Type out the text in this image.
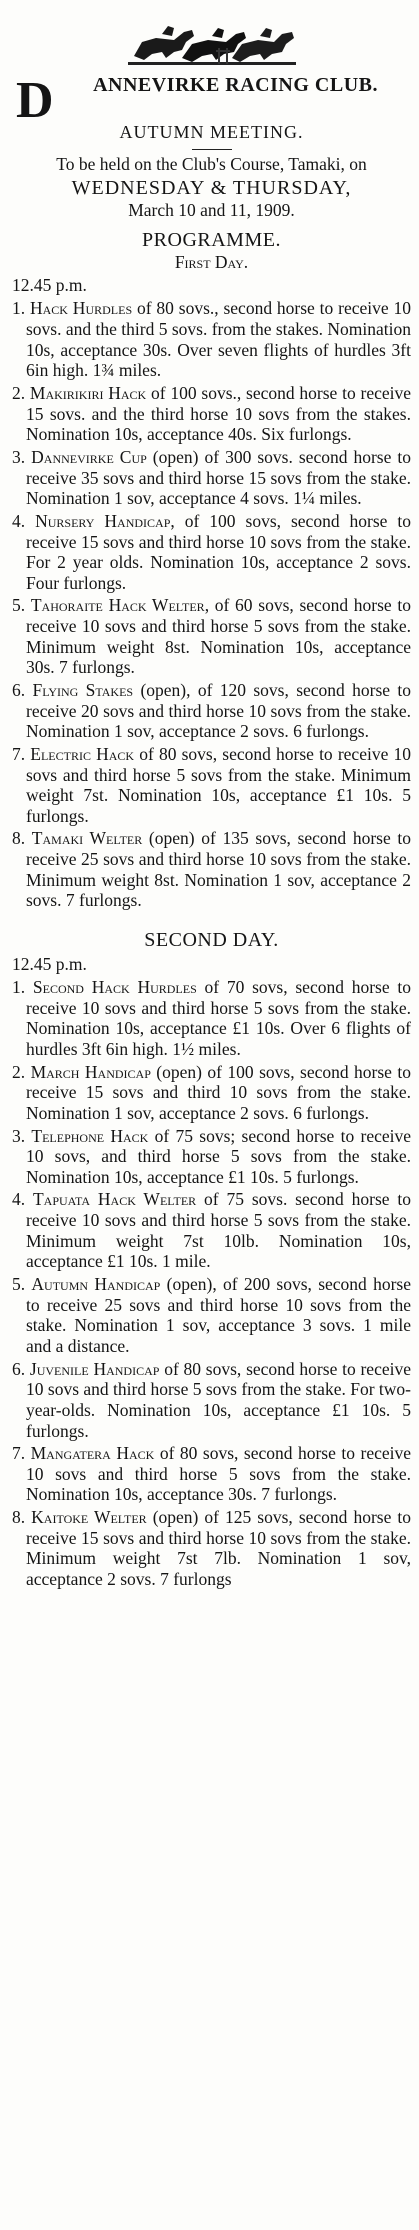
D ANNEVIRKE RACING CLUB.
AUTUMN MEETING.
To be held on the Club's Course, Tamaki, on
WEDNESDAY & THURSDAY,
March 10 and 11, 1909.
PROGRAMME.
First Day.
12.45 p.m.

1. Hack Hurdles of 80 sovs., second horse to receive 10 sovs. and the third 5 sovs. from the stakes. Nomination 10s, acceptance 30s. Over seven flights of hurdles 3ft 6in high. 1¾ miles.

2. Makirikiri Hack of 100 sovs., second horse to receive 15 sovs. and the third horse 10 sovs from the stakes. Nomination 10s, acceptance 40s. Six furlongs.

3. Dannevirke Cup (open) of 300 sovs. second horse to receive 35 sovs and third horse 15 sovs from the stake. Nomination 1 sov, acceptance 4 sovs. 1¼ miles.

4. Nursery Handicap, of 100 sovs, second horse to receive 15 sovs and third horse 10 sovs from the stake. For 2 year olds. Nomination 10s, acceptance 2 sovs. Four furlongs.

5. Tahoraite Hack Welter, of 60 sovs, second horse to receive 10 sovs and third horse 5 sovs from the stake. Minimum weight 8st. Nomination 10s, acceptance 30s. 7 furlongs.

6. Flying Stakes (open), of 120 sovs, second horse to receive 20 sovs and third horse 10 sovs from the stake. Nomination 1 sov, acceptance 2 sovs. 6 furlongs.

7. Electric Hack of 80 sovs, second horse to receive 10 sovs and third horse 5 sovs from the stake. Minimum weight 7st. Nomination 10s, acceptance £1 10s. 5 furlongs.

8. Tamaki Welter (open) of 135 sovs, second horse to receive 25 sovs and third horse 10 sovs from the stake. Minimum weight 8st. Nomination 1 sov, acceptance 2 sovs. 7 furlongs.

SECOND DAY.
12.45 p.m.

1. Second Hack Hurdles of 70 sovs, second horse to receive 10 sovs and third horse 5 sovs from the stake. Nomination 10s, acceptance £1 10s. Over 6 flights of hurdles 3ft 6in high. 1½ miles.

2. March Handicap (open) of 100 sovs, second horse to receive 15 sovs and third 10 sovs from the stake. Nomination 1 sov, acceptance 2 sovs. 6 furlongs.

3. Telephone Hack of 75 sovs; second horse to receive 10 sovs, and third horse 5 sovs from the stake. Nomination 10s, acceptance £1 10s. 5 furlongs.

4. Tapuata Hack Welter of 75 sovs. second horse to receive 10 sovs and third horse 5 sovs from the stake. Minimum weight 7st 10lb. Nomination 10s, acceptance £1 10s. 1 mile.

5. Autumn Handicap (open), of 200 sovs, second horse to receive 25 sovs and third horse 10 sovs from the stake. Nomination 1 sov, acceptance 3 sovs. 1 mile and a distance.

6. Juvenile Handicap of 80 sovs, second horse to receive 10 sovs and third horse 5 sovs from the stake. For two-year-olds. Nomination 10s, acceptance £1 10s. 5 furlongs.

7. Mangatera Hack of 80 sovs, second horse to receive 10 sovs and third horse 5 sovs from the stake. Nomination 10s, acceptance 30s. 7 furlongs.

8. Kaitoke Welter (open) of 125 sovs, second horse to receive 15 sovs and third horse 10 sovs from the stake. Minimum weight 7st 7lb. Nomination 1 sov, acceptance 2 sovs. 7 furlongs
